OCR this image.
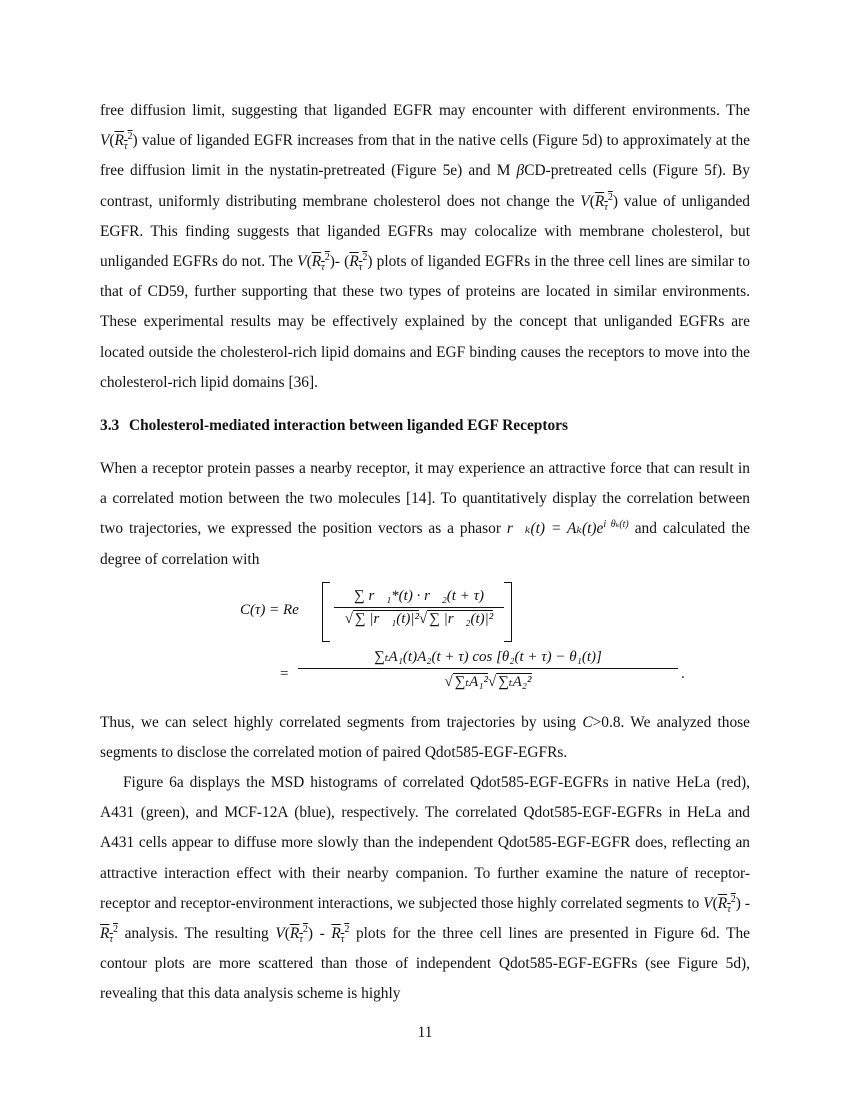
free diffusion limit, suggesting that liganded EGFR may encounter with different environments. The $V(R_\tau^2)$ value of liganded EGFR increases from that in the native cells (Figure 5d) to approximately at the free diffusion limit in the nystatin-pretreated (Figure 5e) and M βCD-pretreated cells (Figure 5f). By contrast, uniformly distributing membrane cholesterol does not change the $V(R_\tau^2)$ value of unliganded EGFR. This finding suggests that liganded EGFRs may colocalize with membrane cholesterol, but unliganded EGFRs do not. The $V(R_\tau^2)-$ $(R_\tau^2)$ plots of liganded EGFRs in the three cell lines are similar to that of CD59, further supporting that these two types of proteins are located in similar environments. These experimental results may be effectively explained by the concept that unliganded EGFRs are located outside the cholesterol-rich lipid domains and EGF binding causes the receptors to move into the cholesterol-rich lipid domains [36].
3.3 Cholesterol-mediated interaction between liganded EGF Receptors
When a receptor protein passes a nearby receptor, it may experience an attractive force that can result in a correlated motion between the two molecules [14]. To quantitatively display the correlation between two trajectories, we expressed the position vectors as a phasor r⃗ₖ(t) = $A_k(t)e^{i \theta_k(t)}$ and calculated the degree of correlation with
C(τ) = Re $\frac{\text{∑ r⃗₁*(t) · r⃗₂(t + τ)}}{\text{√ ∑ |r⃗₁(t)|²√ ∑ |r⃗₂(t)|²}}$
= $\frac{\text{∑ₜA₁(t)A₂(t + τ) cos [θ₂(t + τ) − θ₁(t)]}}{\text{√ ∑ₜA₁²√ ∑ₜA₂²}}$ .
Thus, we can select highly correlated segments from trajectories by using C>0.8. We analyzed those segments to disclose the correlated motion of paired Qdot585-EGF-EGFRs.
Figure 6a displays the MSD histograms of correlated Qdot585-EGF-EGFRs in native HeLa (red), A431 (green), and MCF-12A (blue), respectively. The correlated Qdot585-EGF-EGFRs in HeLa and A431 cells appear to diffuse more slowly than the independent Qdot585-EGF-EGFR does, reflecting an attractive interaction effect with their nearby companion. To further examine the nature of receptor-receptor and receptor-environment interactions, we subjected those highly correlated segments to $V(R_\tau^2)$ $-R_\tau^2$ analysis. The resulting $V(R_\tau^2) - R_\tau^2$ plots for the three cell lines are presented in Figure 6d. The contour plots are more scattered than those of independent Qdot585-EGF-EGFRs (see Figure 5d), revealing that this data analysis scheme is highly
11
